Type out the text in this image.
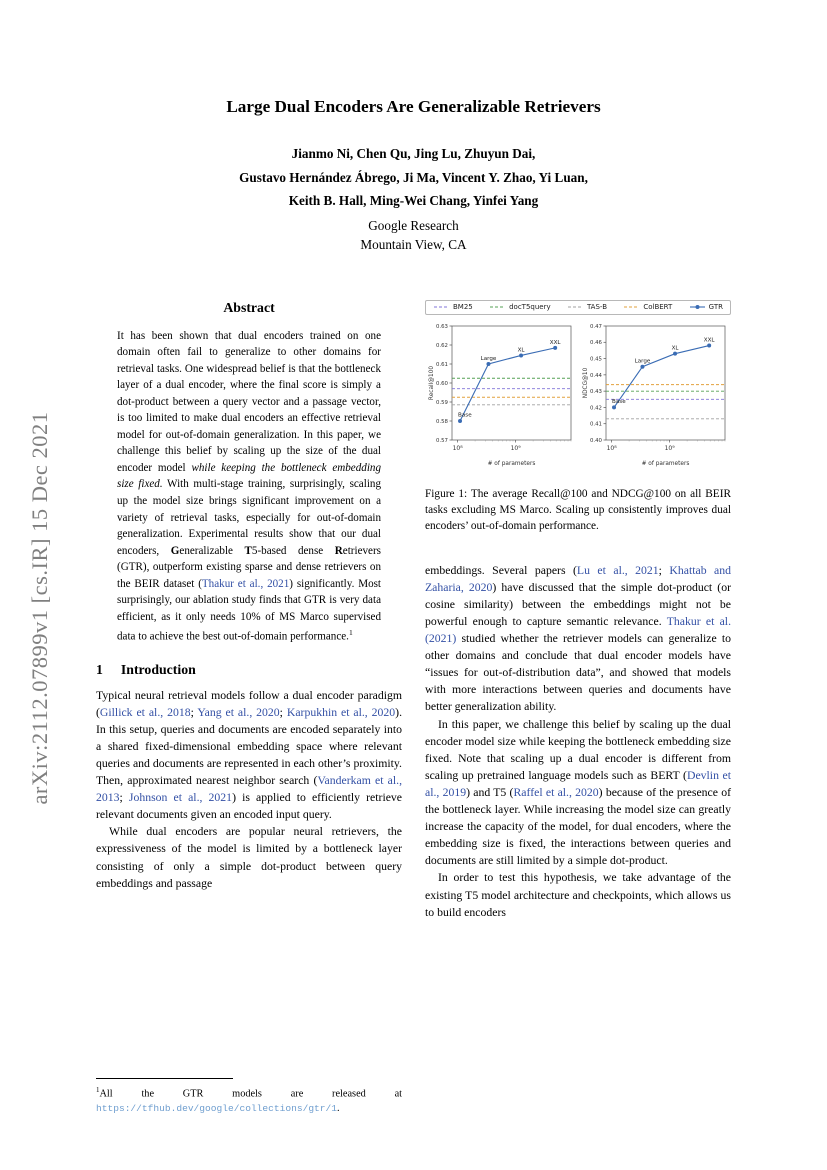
arXiv:2112.07899v1 [cs.IR] 15 Dec 2021
Large Dual Encoders Are Generalizable Retrievers
Jianmo Ni, Chen Qu, Jing Lu, Zhuyun Dai,
Gustavo Hernández Ábrego, Ji Ma, Vincent Y. Zhao, Yi Luan,
Keith B. Hall, Ming-Wei Chang, Yinfei Yang
Google Research
Mountain View, CA
Abstract
It has been shown that dual encoders trained on one domain often fail to generalize to other domains for retrieval tasks. One widespread belief is that the bottleneck layer of a dual encoder, where the final score is simply a dot-product between a query vector and a passage vector, is too limited to make dual encoders an effective retrieval model for out-of-domain generalization. In this paper, we challenge this belief by scaling up the size of the dual encoder model while keeping the bottleneck embedding size fixed. With multi-stage training, surprisingly, scaling up the model size brings significant improvement on a variety of retrieval tasks, especially for out-of-domain generalization. Experimental results show that our dual encoders, Generalizable T5-based dense Retrievers (GTR), outperform existing sparse and dense retrievers on the BEIR dataset (Thakur et al., 2021) significantly. Most surprisingly, our ablation study finds that GTR is very data efficient, as it only needs 10% of MS Marco supervised data to achieve the best out-of-domain performance.$^1$
1 Introduction

Typical neural retrieval models follow a dual encoder paradigm (Gillick et al., 2018; Yang et al., 2020; Karpukhin et al., 2020). In this setup, queries and documents are encoded separately into a shared fixed-dimensional embedding space where relevant queries and documents are represented in each other’s proximity. Then, approximated nearest neighbor search (Vanderkam et al., 2013; Johnson et al., 2021) is applied to efficiently retrieve relevant documents given an encoded input query.

While dual encoders are popular neural retrievers, the expressiveness of the model is limited by a bottleneck layer consisting of only a simple dot-product between query embeddings and passage

$^1$All the GTR models are released at https://tfhub.dev/google/collections/gtr/1.
BM25	docT5query	TAS-B	ColBERT	GTR
0.57
0.58
0.59
0.60
0.61
0.62
0.63
10⁸	10⁹
Base
Large
XL
XXL
Recall@100
# of parameters
0.40
0.41
0.42
0.43
0.44
0.45
0.46
0.47
10⁸	10⁹
Base
Large
XL
XXL
NDCG@10
# of parameters
Figure 1: The average Recall@100 and NDCG@100 on all BEIR tasks excluding MS Marco. Scaling up consistently improves dual encoders’ out-of-domain performance.

embeddings. Several papers (Lu et al., 2021; Khattab and Zaharia, 2020) have discussed that the simple dot-product (or cosine similarity) between the embeddings might not be powerful enough to capture semantic relevance. Thakur et al. (2021) studied whether the retriever models can generalize to other domains and conclude that dual encoder models have “issues for out-of-distribution data”, and showed that models with more interactions between queries and documents have better generalization ability.

In this paper, we challenge this belief by scaling up the dual encoder model size while keeping the bottleneck embedding size fixed. Note that scaling up a dual encoder is different from scaling up pretrained language models such as BERT (Devlin et al., 2019) and T5 (Raffel et al., 2020) because of the presence of the bottleneck layer. While increasing the model size can greatly increase the capacity of the model, for dual encoders, where the embedding size is fixed, the interactions between queries and documents are still limited by a simple dot-product.

In order to test this hypothesis, we take advantage of the existing T5 model architecture and checkpoints, which allows us to build encoders
